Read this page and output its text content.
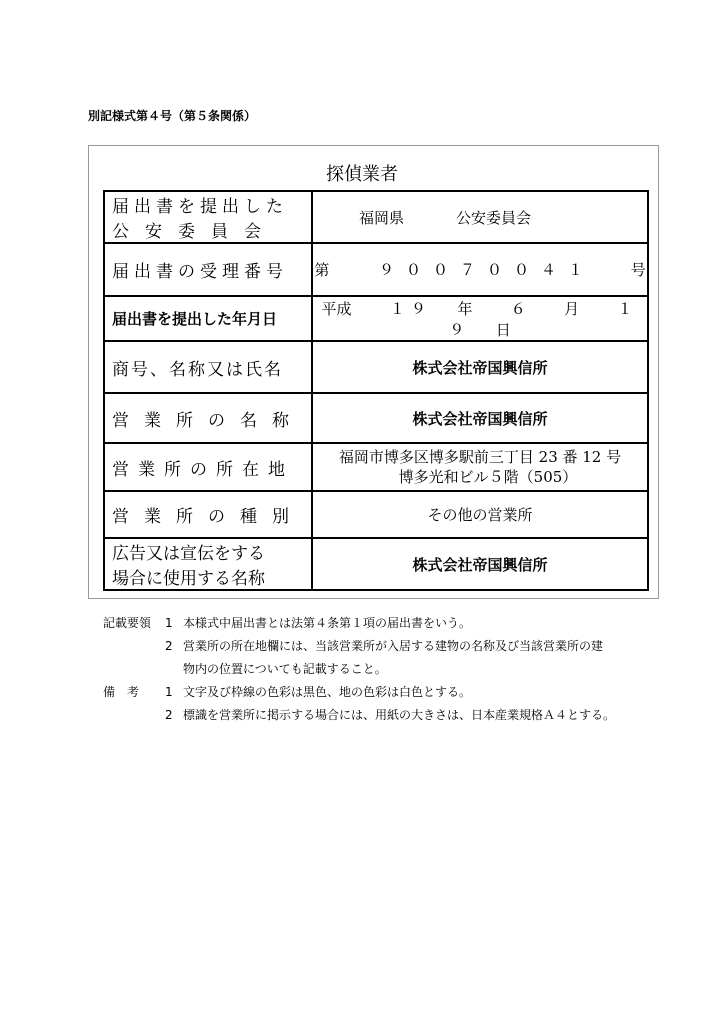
別記様式第４号（第５条関係）
探偵業者
届出書を提出した
公安委員会	福岡県 公安委員会

届出書の受理番号	第 ９００７００４１ 号
届出書を提出した年月日	平成 １９ 年 ６ 月 １９ 日
商号、名称又は氏名	株式会社帝国興信所
営業所の名称	株式会社帝国興信所
営業所の所在地	福岡市博多区博多駅前三丁目 23 番 12 号
博多光和ビル５階（505）

営業所の種別	その他の営業所

広告又は宣伝をする
場合に使用する名称	株式会社帝国興信所
記載要領	1 本様式中届出書とは法第４条第１項の届出書をいう。
2 営業所の所在地欄には、当該営業所が入居する建物の名称及び当該営業所の建
物内の位置についても記載すること。
備　考	1 文字及び枠線の色彩は黒色、地の色彩は白色とする。
2 標識を営業所に掲示する場合には、用紙の大きさは、日本産業規格Ａ４とする。
